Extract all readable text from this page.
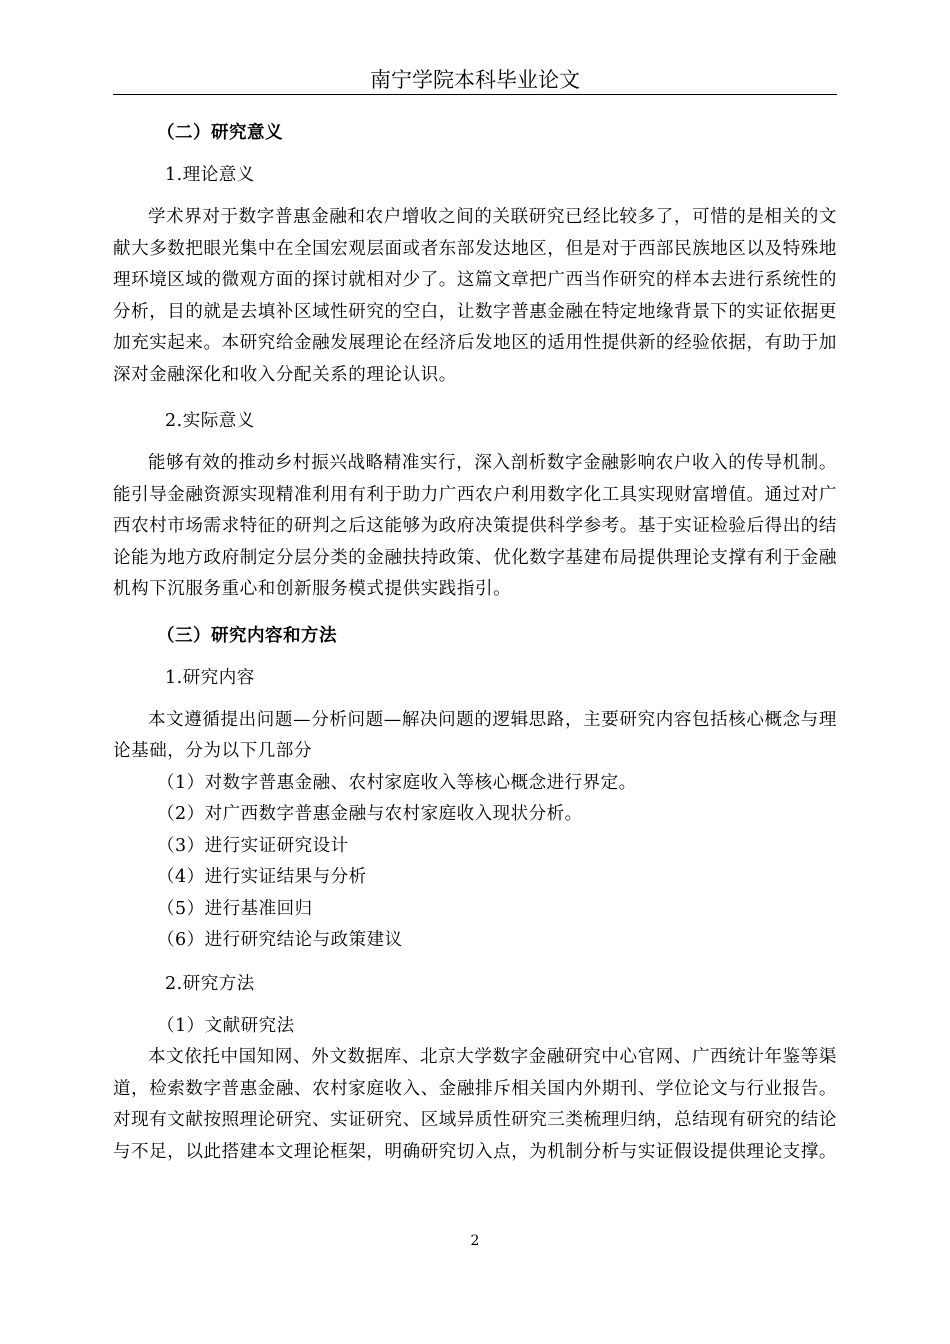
南宁学院本科毕业论文

（二）研究意义

1.理论意义

学术界对于数字普惠金融和农户增收之间的关联研究已经比较多了，可惜的是相关的文献大多数把眼光集中在全国宏观层面或者东部发达地区，但是对于西部民族地区以及特殊地理环境区域的微观方面的探讨就相对少了。这篇文章把广西当作研究的样本去进行系统性的分析，目的就是去填补区域性研究的空白，让数字普惠金融在特定地缘背景下的实证依据更加充实起来。本研究给金融发展理论在经济后发地区的适用性提供新的经验依据，有助于加深对金融深化和收入分配关系的理论认识。

2.实际意义

能够有效的推动乡村振兴战略精准实行，深入剖析数字金融影响农户收入的传导机制。能引导金融资源实现精准利用有利于助力广西农户利用数字化工具实现财富增值。通过对广西农村市场需求特征的研判之后这能够为政府决策提供科学参考。基于实证检验后得出的结论能为地方政府制定分层分类的金融扶持政策、优化数字基建布局提供理论支撑有利于金融机构下沉服务重心和创新服务模式提供实践指引。

（三）研究内容和方法

1.研究内容

本文遵循提出问题—分析问题—解决问题的逻辑思路，主要研究内容包括核心概念与理论基础，分为以下几部分

（1）对数字普惠金融、农村家庭收入等核心概念进行界定。

（2）对广西数字普惠金融与农村家庭收入现状分析。

（3）进行实证研究设计

（4）进行实证结果与分析

（5）进行基准回归

（6）进行研究结论与政策建议

2.研究方法

（1）文献研究法

本文依托中国知网、外文数据库、北京大学数字金融研究中心官网、广西统计年鉴等渠道，检索数字普惠金融、农村家庭收入、金融排斥相关国内外期刊、学位论文与行业报告。对现有文献按照理论研究、实证研究、区域异质性研究三类梳理归纳，总结现有研究的结论与不足，以此搭建本文理论框架，明确研究切入点，为机制分析与实证假设提供理论支撑。

2
